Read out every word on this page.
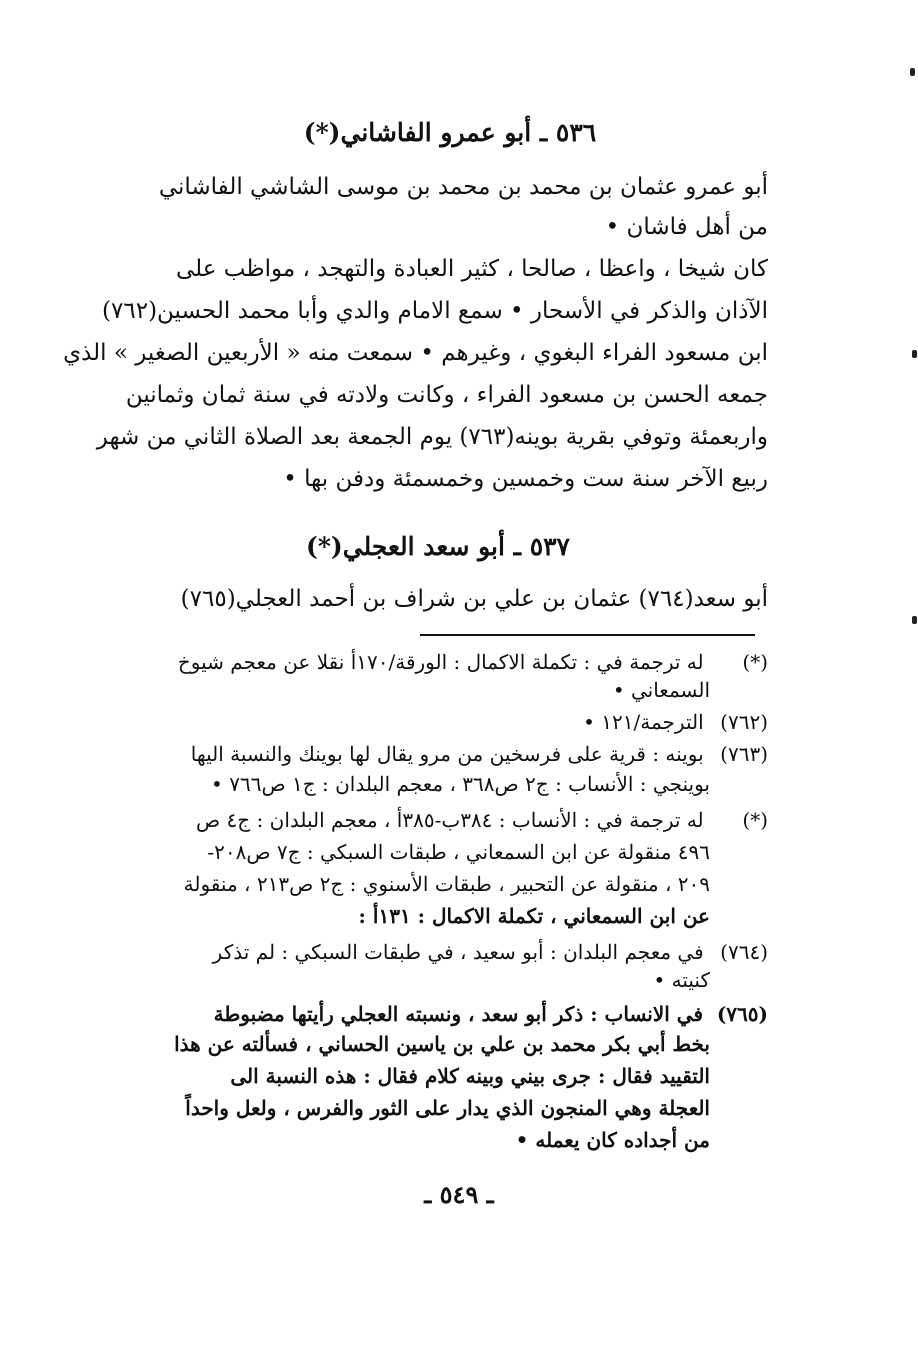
٥٣٦ ـ أبو عمرو الفاشاني(*)
أبو عمرو عثمان بن محمد بن محمد بن موسى الشاشي الفاشاني
من أهل فاشان •
كان شيخا ، واعظا ، صالحا ، كثير العبادة والتهجد ، مواظب على
الآذان والذكر في الأسحار • سمع الامام والدي وأبا محمد الحسين(٧٦٢)
ابن مسعود الفراء البغوي ، وغيرهم • سمعت منه « الأربعين الصغير » الذي
جمعه الحسن بن مسعود الفراء ، وكانت ولادته في سنة ثمان وثمانين
واربعمئة وتوفي بقرية بوينه(٧٦٣) يوم الجمعة بعد الصلاة الثاني من شهر
ربيع الآخر سنة ست وخمسين وخمسمئة ودفن بها •
٥٣٧ ـ أبو سعد العجلي(*)
أبو سعد(٧٦٤) عثمان بن علي بن شراف بن أحمد العجلي(٧٦٥)
(*) له ترجمة في : تكملة الاكمال : الورقة/١٧٠أ نقلا عن معجم شيوخ
السمعاني •
(٧٦٢) الترجمة/١٢١ •
(٧٦٣) بوينه : قرية على فرسخين من مرو يقال لها بوينك والنسبة اليها
بوينجي : الأنساب : ج٢ ص٣٦٨ ، معجم البلدان : ج١ ص٧٦٦ •
(*) له ترجمة في : الأنساب : ٣٨٤ب-٣٨٥أ ، معجم البلدان : ج٤ ص
٤٩٦ منقولة عن ابن السمعاني ، طبقات السبكي : ج٧ ص٢٠٨-
٢٠٩ ، منقولة عن التحبير ، طبقات الأسنوي : ج٢ ص٢١٣ ، منقولة
عن ابن السمعاني ، تكملة الاكمال : ١٣١أ :
(٧٦٤) في معجم البلدان : أبو سعيد ، في طبقات السبكي : لم تذكر
كنيته •
(٧٦٥) في الانساب : ذكر أبو سعد ، ونسبته العجلي رأيتها مضبوطة
بخط أبي بكر محمد بن علي بن ياسين الحساني ، فسألته عن هذا
التقييد فقال : جرى بيني وبينه كلام فقال : هذه النسبة الى
العجلة وهي المنجون الذي يدار على الثور والفرس ، ولعل واحداً
من أجداده كان يعمله •
ـ ٥٤٩ ـ
